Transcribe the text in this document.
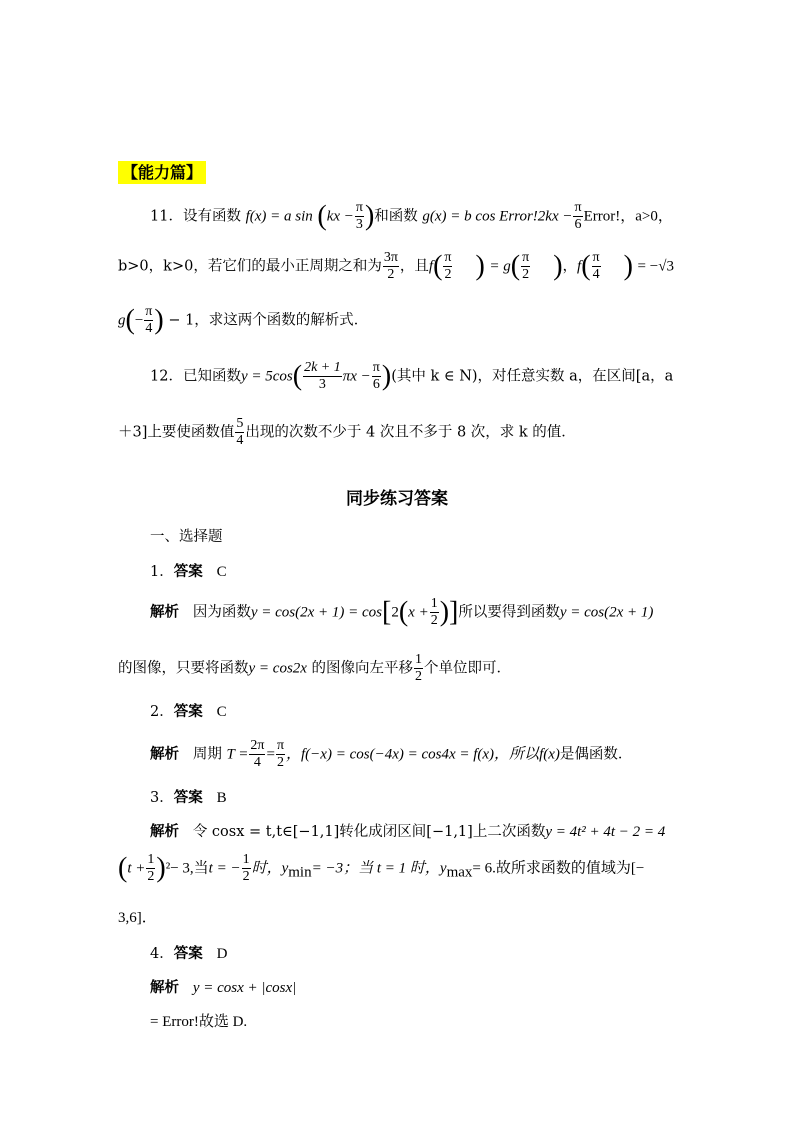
【能力篇】
11．设有函数 f(x) = a $\sin (kx - \frac{\pi}{3}$ )和函数 g(x) = b cos Error!2kx − $\frac{\pi}{6}$ Error!，a>0，
b>0，k>0，若它们的最小正周期之和为 $\frac{3\pi}{2}$ ，且$f( \frac{\pi}{2}$ ) = $g( \frac{\pi}{2}$ )，$f( \frac{\pi}{4}$ ) = −√3
$g(- \frac{\pi}{4}$ ) − 1，求这两个函数的解析式．
12．已知函数$y = 5\cos( \frac{2k + 1}{3}$ $\pi x - \frac{\pi}{6}$ )(其中 k ∈ N)，对任意实数 a，在区间[a，a
＋3]上要使函数值 $\frac{5}{4}$ 出现的次数不少于 4 次且不多于 8 次，求 k 的值．
同步练习答案
一、选择题
1．答案 C
解析 因为函数$y = \cos(2x + 1) = \cos[2(x + \frac{1}{2}$ )]所以要得到函数y = cos(2x + 1)
的图像，只要将函数y = cos2x 的图像向左平移 $\frac{1}{2}$ 个单位即可．
2．答案 C
解析 周期 $T = \frac{2\pi}{4} = \frac{\pi}{2}$ ，f(−x) = cos(−4x) = cos4x = f(x)，所以f(x)是偶函数．
3．答案 B
解析 令 cosx = t,t∈[−1,1]转化成闭区间[−1,1]上二次函数y = 4t² + 4t − 2 = 4
$(t + \frac{1}{2} )^2- 3$,当t = − $\frac{1}{2}$ 时，$y_{min}= -3$；当 t = 1 时，$y_{max}= 6$.故所求函数的值域为[−
3,6]．
4．答案 D
解析 y = cosx + |cosx|
= Error!故选 D.
